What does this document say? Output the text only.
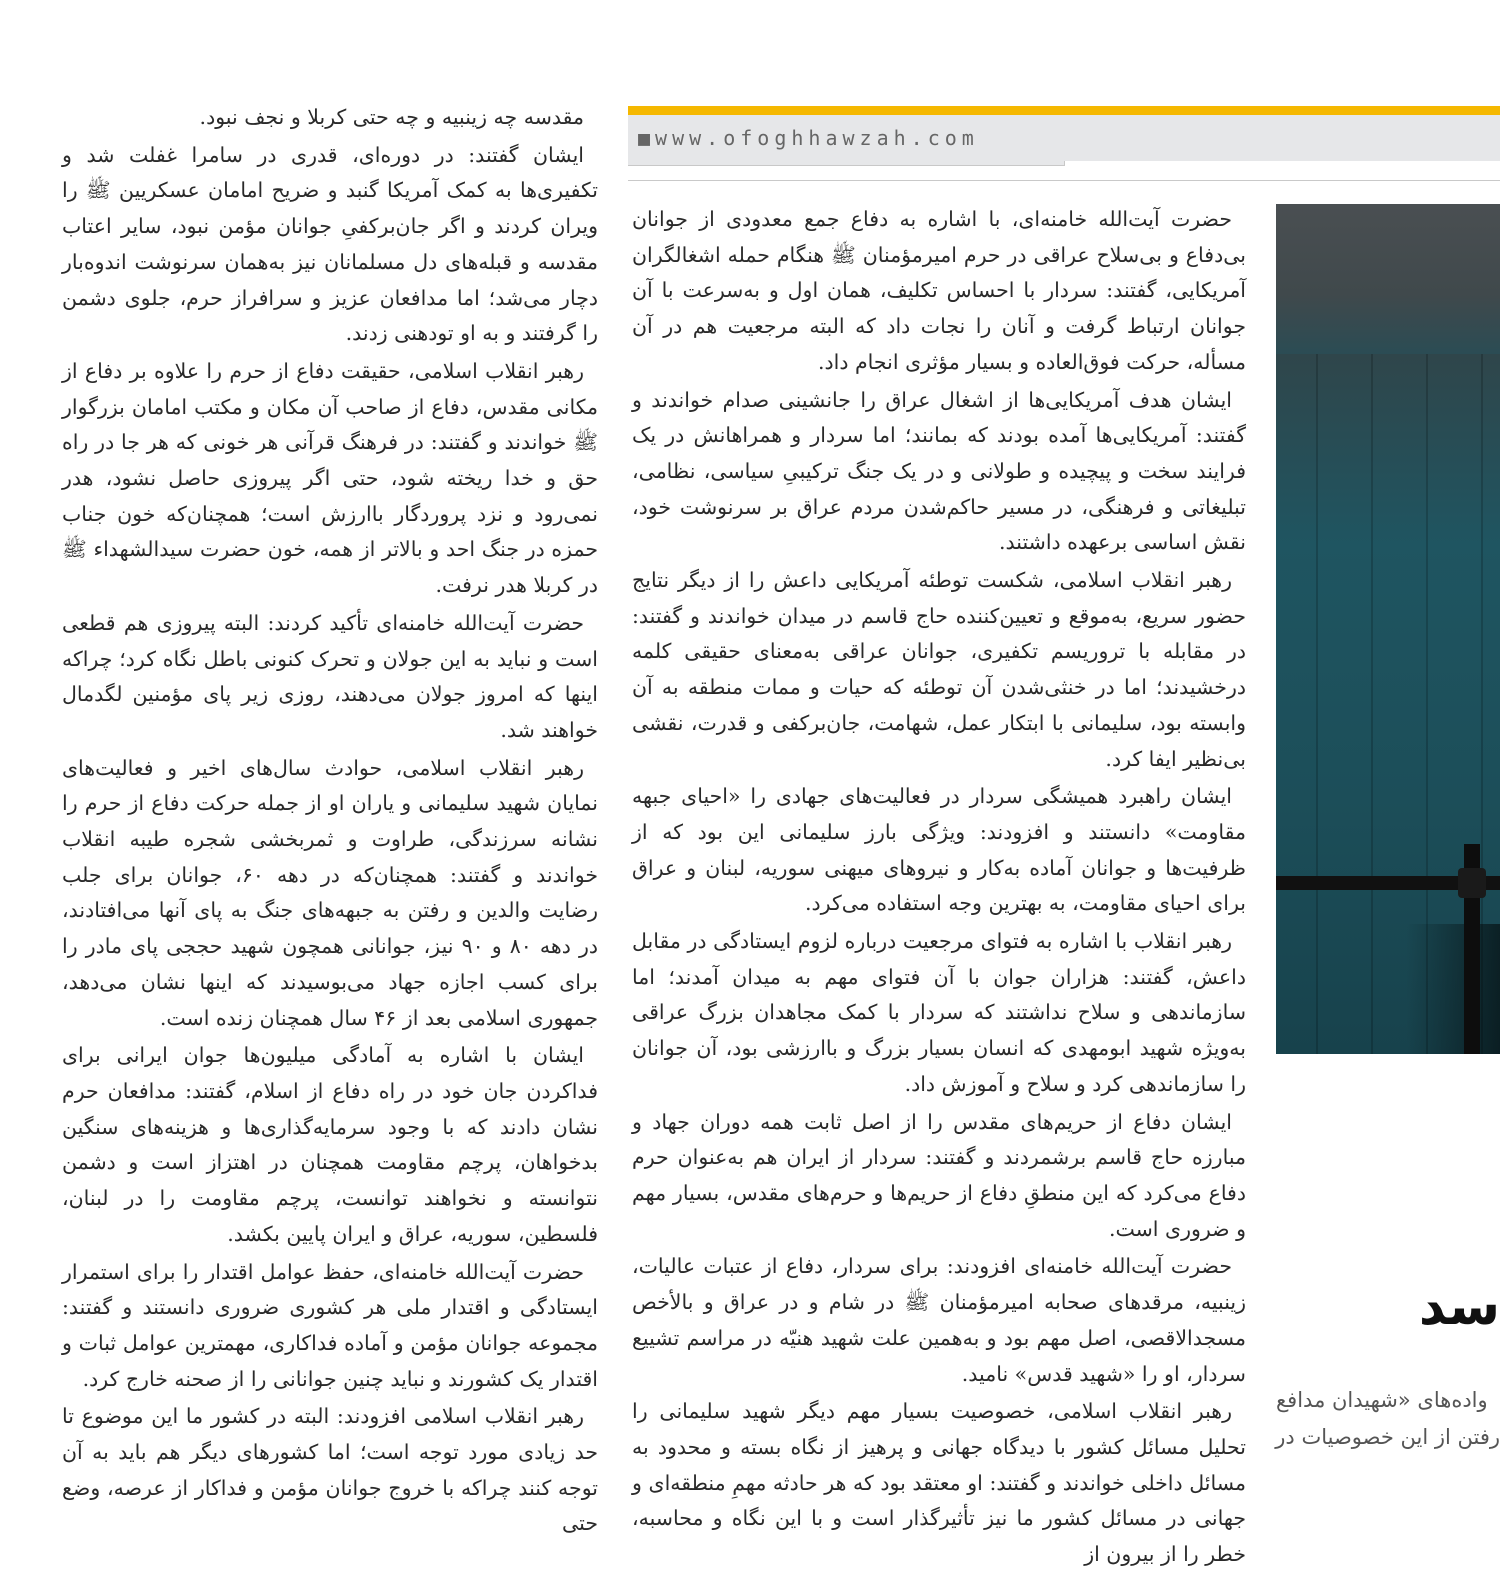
مقدسه چه زینبیه و چه حتی کربلا و نجف نبود.

ایشان گفتند: در دوره‌ای، قدری در سامرا غفلت شد و تکفیری‌ها به کمک آمریکا گنبد و ضریح امامان عسکریین ﷺ را ویران کردند و اگر جان‌برکفیِ جوانان مؤمن نبود، سایر اعتاب مقدسه و قبله‌های دل مسلمانان نیز به‌همان سرنوشت اندوه‌بار دچار می‌شد؛ اما مدافعان عزیز و سرافراز حرم، جلوی دشمن را گرفتند و به او تودهنی زدند.

رهبر انقلاب اسلامی، حقیقت دفاع از حرم را علاوه بر دفاع از مکانی مقدس، دفاع از صاحب آن مکان و مکتب امامان بزرگوار ﷺ خواندند و گفتند: در فرهنگ قرآنی هر خونی که هر جا در راه حق و خدا ریخته شود، حتی اگر پیروزی حاصل نشود، هدر نمی‌رود و نزد پروردگار باارزش است؛ همچنان‌که خون جناب حمزه در جنگ احد و بالاتر از همه، خون حضرت سیدالشهداء ﷺ در کربلا هدر نرفت.

حضرت آیت‌الله خامنه‌ای تأکید کردند: البته پیروزی هم قطعی است و نباید به این جولان و تحرک کنونی باطل نگاه کرد؛ چراکه اینها که امروز جولان می‌دهند، روزی زیر پای مؤمنین لگدمال خواهند شد.

رهبر انقلاب اسلامی، حوادث سال‌های اخیر و فعالیت‌های نمایان شهید سلیمانی و یاران او از جمله حرکت دفاع از حرم را نشانه سرزندگی، طراوت و ثمربخشی شجره طیبه انقلاب خواندند و گفتند: همچنان‌که در دهه ۶۰، جوانان برای جلب رضایت والدین و رفتن به جبهه‌های جنگ به پای آنها می‌افتادند، در دهه ۸۰ و ۹۰ نیز، جوانانی همچون شهید حججی پای مادر را برای کسب اجازه جهاد می‌بوسیدند که اینها نشان می‌دهد، جمهوری اسلامی بعد از ۴۶ سال همچنان زنده است.

ایشان با اشاره به آمادگی میلیون‌ها جوان ایرانی برای فداکردن جان خود در راه دفاع از اسلام، گفتند: مدافعان حرم نشان دادند که با وجود سرمایه‌گذاری‌ها و هزینه‌های سنگین بدخواهان، پرچم مقاومت همچنان در اهتزاز است و دشمن نتوانسته و نخواهند توانست، پرچم مقاومت را در لبنان، فلسطین، سوریه، عراق و ایران پایین بکشد.

حضرت آیت‌الله خامنه‌ای، حفظ عوامل اقتدار را برای استمرار ایستادگی و اقتدار ملی هر کشوری ضروری دانستند و گفتند: مجموعه جوانان مؤمن و آماده فداکاری، مهمترین عوامل ثبات و اقتدار یک کشورند و نباید چنین جوانانی را از صحنه خارج کرد.

رهبر انقلاب اسلامی افزودند: البته در کشور ما این موضوع تا حد زیادی مورد توجه است؛ اما کشورهای دیگر هم باید به آن توجه کنند چراکه با خروج جوانان مؤمن و فداکار از عرصه، وضع حتی

■www.ofoghhawzah.com

حضرت آیت‌الله خامنه‌ای، با اشاره به دفاع جمع معدودی از جوانان بی‌دفاع و بی‌سلاح عراقی در حرم امیرمؤمنان ﷺ هنگام حمله اشغالگران آمریکایی، گفتند: سردار با احساس تکلیف، همان اول و به‌سرعت با آن جوانان ارتباط گرفت و آنان را نجات داد که البته مرجعیت هم در آن مسأله، حرکت فوق‌العاده و بسیار مؤثری انجام داد.

ایشان هدف آمریکایی‌ها از اشغال عراق را جانشینی صدام خواندند و گفتند: آمریکایی‌ها آمده بودند که بمانند؛ اما سردار و همراهانش در یک فرایند سخت و پیچیده و طولانی و در یک جنگ ترکیبیِ سیاسی، نظامی، تبلیغاتی و فرهنگی، در مسیر حاکم‌شدن مردم عراق بر سرنوشت خود، نقش اساسی برعهده داشتند.

رهبر انقلاب اسلامی، شکست توطئه آمریکایی داعش را از دیگر نتایج حضور سریع، به‌موقع و تعیین‌کننده حاج قاسم در میدان خواندند و گفتند: در مقابله با تروریسم تکفیری، جوانان عراقی به‌معنای حقیقی کلمه درخشیدند؛ اما در خنثی‌شدن آن توطئه که حیات و ممات منطقه به آن وابسته بود، سلیمانی با ابتکار عمل، شهامت، جان‌برکفی و قدرت، نقشی بی‌نظیر ایفا کرد.

ایشان راهبرد همیشگی سردار در فعالیت‌های جهادی را «احیای جبهه مقاومت» دانستند و افزودند: ویژگی بارز سلیمانی این بود که از ظرفیت‌ها و جوانان آماده به‌کار و نیروهای میهنی سوریه، لبنان و عراق برای احیای مقاومت، به بهترین وجه استفاده می‌کرد.

رهبر انقلاب با اشاره به فتوای مرجعیت درباره لزوم ایستادگی در مقابل داعش، گفتند: هزاران جوان با آن فتوای مهم به میدان آمدند؛ اما سازماندهی و سلاح نداشتند که سردار با کمک مجاهدان بزرگ عراقی به‌ویژه شهید ابومهدی که انسان بسیار بزرگ و باارزشی بود، آن جوانان را سازماندهی کرد و سلاح و آموزش داد.

ایشان دفاع از حریم‌های مقدس را از اصل ثابت همه دوران جهاد و مبارزه حاج قاسم برشمردند و گفتند: سردار از ایران هم به‌عنوان حرم دفاع می‌کرد که این منطقِ دفاع از حریم‌ها و حرم‌های مقدس، بسیار مهم و ضروری است.

حضرت آیت‌الله خامنه‌ای افزودند: برای سردار، دفاع از عتبات عالیات، زینبیه، مرقدهای صحابه امیرمؤمنان ﷺ در شام و در عراق و بالأخص مسجدالاقصی، اصل مهم بود و به‌همین علت شهید هنیّه در مراسم تشییع سردار، او را «شهید قدس» نامید.

رهبر انقلاب اسلامی، خصوصیت بسیار مهم دیگر شهید سلیمانی را تحلیل مسائل کشور با دیدگاه جهانی و پرهیز از نگاه بسته و محدود به مسائل داخلی خواندند و گفتند: او معتقد بود که هر حادثه مهمِ منطقه‌ای و جهانی در مسائل کشور ما نیز تأثیرگذار است و با این نگاه و محاسبه، خطر را از بیرون از

سد
وادەهای «شهیدان مدافع
رفتن از این خصوصیات در
